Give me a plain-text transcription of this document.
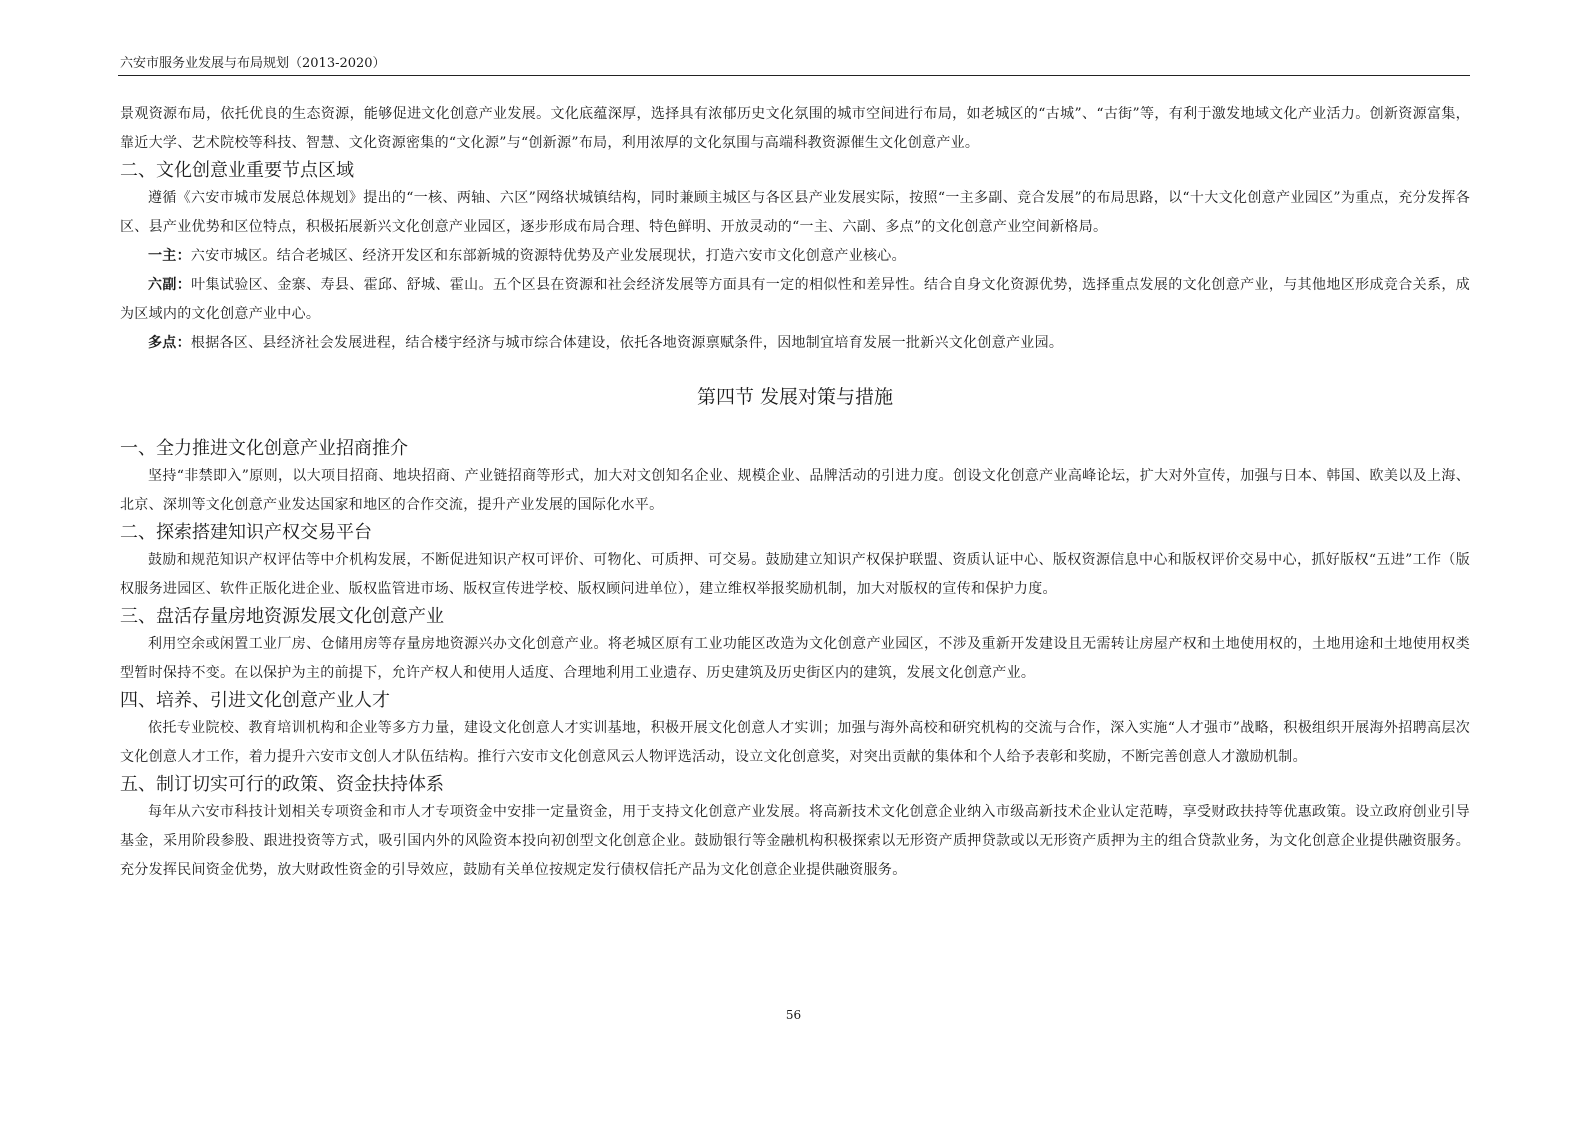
六安市服务业发展与布局规划（2013-2020）

景观资源布局，依托优良的生态资源，能够促进文化创意产业发展。文化底蕴深厚，选择具有浓郁历史文化氛围的城市空间进行布局，如老城区的“古城”、“古街”等，有利于激发地域文化产业活力。创新资源富集，靠近大学、艺术院校等科技、智慧、文化资源密集的“文化源”与“创新源”布局，利用浓厚的文化氛围与高端科教资源催生文化创意产业。

二、文化创意业重要节点区域

遵循《六安市城市发展总体规划》提出的“一核、两轴、六区”网络状城镇结构，同时兼顾主城区与各区县产业发展实际，按照“一主多副、竞合发展”的布局思路，以“十大文化创意产业园区”为重点，充分发挥各区、县产业优势和区位特点，积极拓展新兴文化创意产业园区，逐步形成布局合理、特色鲜明、开放灵动的“一主、六副、多点”的文化创意产业空间新格局。

一主：六安市城区。结合老城区、经济开发区和东部新城的资源特优势及产业发展现状，打造六安市文化创意产业核心。

六副：叶集试验区、金寨、寿县、霍邱、舒城、霍山。五个区县在资源和社会经济发展等方面具有一定的相似性和差异性。结合自身文化资源优势，选择重点发展的文化创意产业，与其他地区形成竞合关系，成为区域内的文化创意产业中心。

多点：根据各区、县经济社会发展进程，结合楼宇经济与城市综合体建设，依托各地资源禀赋条件，因地制宜培育发展一批新兴文化创意产业园。

第四节 发展对策与措施
一、全力推进文化创意产业招商推介

坚持“非禁即入”原则，以大项目招商、地块招商、产业链招商等形式，加大对文创知名企业、规模企业、品牌活动的引进力度。创设文化创意产业高峰论坛，扩大对外宣传，加强与日本、韩国、欧美以及上海、北京、深圳等文化创意产业发达国家和地区的合作交流，提升产业发展的国际化水平。

二、探索搭建知识产权交易平台

鼓励和规范知识产权评估等中介机构发展，不断促进知识产权可评价、可物化、可质押、可交易。鼓励建立知识产权保护联盟、资质认证中心、版权资源信息中心和版权评价交易中心，抓好版权“五进”工作（版权服务进园区、软件正版化进企业、版权监管进市场、版权宣传进学校、版权顾问进单位），建立维权举报奖励机制，加大对版权的宣传和保护力度。

三、盘活存量房地资源发展文化创意产业

利用空余或闲置工业厂房、仓储用房等存量房地资源兴办文化创意产业。将老城区原有工业功能区改造为文化创意产业园区，不涉及重新开发建设且无需转让房屋产权和土地使用权的，土地用途和土地使用权类型暂时保持不变。在以保护为主的前提下，允许产权人和使用人适度、合理地利用工业遗存、历史建筑及历史街区内的建筑，发展文化创意产业。

四、培养、引进文化创意产业人才

依托专业院校、教育培训机构和企业等多方力量，建设文化创意人才实训基地，积极开展文化创意人才实训；加强与海外高校和研究机构的交流与合作，深入实施“人才强市”战略，积极组织开展海外招聘高层次文化创意人才工作，着力提升六安市文创人才队伍结构。推行六安市文化创意风云人物评选活动，设立文化创意奖，对突出贡献的集体和个人给予表彰和奖励，不断完善创意人才激励机制。

五、制订切实可行的政策、资金扶持体系

每年从六安市科技计划相关专项资金和市人才专项资金中安排一定量资金，用于支持文化创意产业发展。将高新技术文化创意企业纳入市级高新技术企业认定范畴，享受财政扶持等优惠政策。设立政府创业引导基金，采用阶段参股、跟进投资等方式，吸引国内外的风险资本投向初创型文化创意企业。鼓励银行等金融机构积极探索以无形资产质押贷款或以无形资产质押为主的组合贷款业务，为文化创意企业提供融资服务。充分发挥民间资金优势，放大财政性资金的引导效应，鼓励有关单位按规定发行债权信托产品为文化创意企业提供融资服务。

56
